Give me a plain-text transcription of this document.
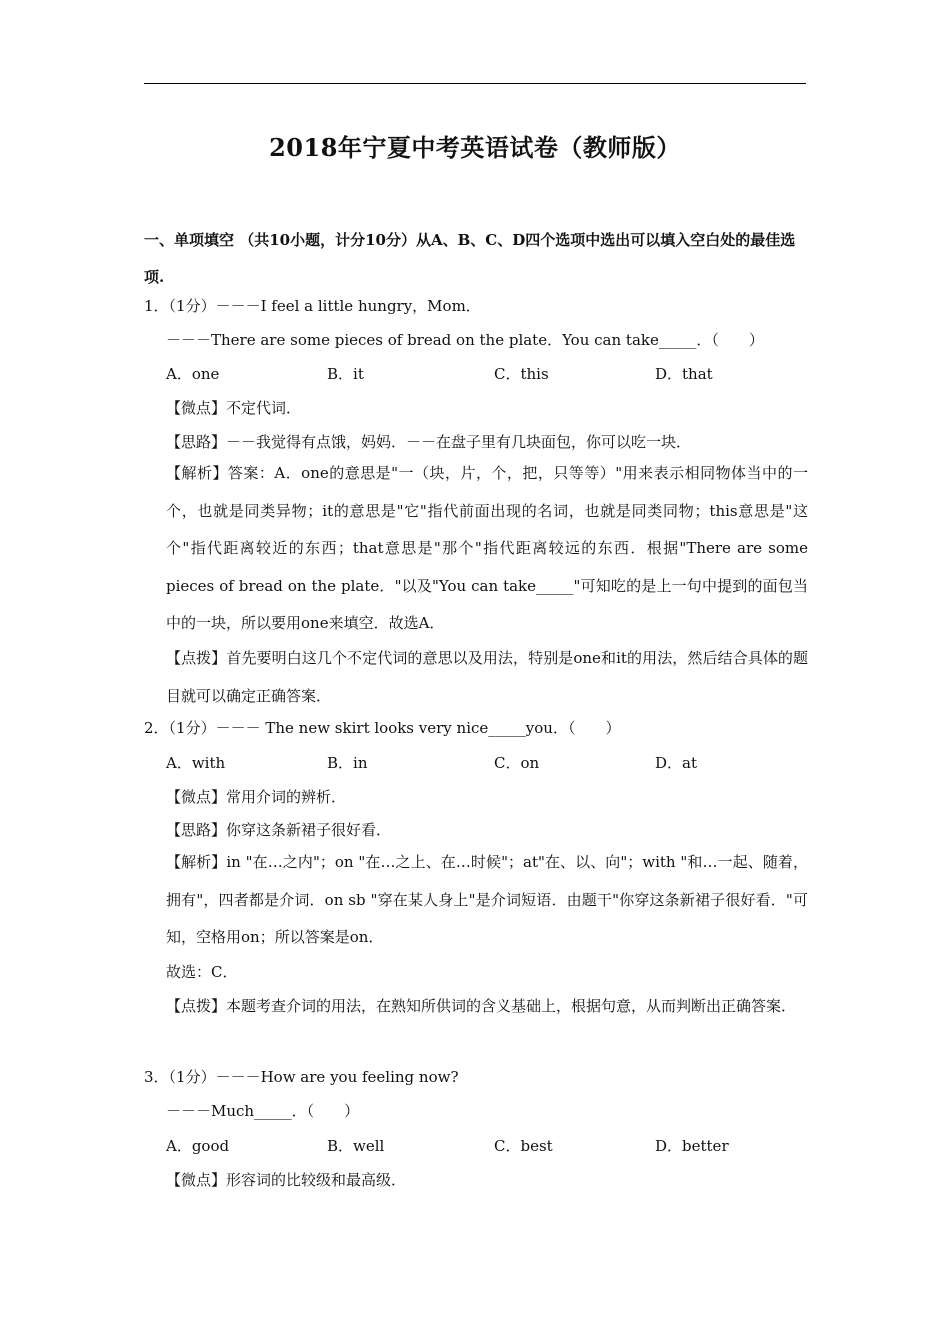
2018年宁夏中考英语试卷（教师版）
一、单项填空 （共10小题，计分10分）从A、B、C、D四个选项中选出可以填入空白处的最佳选项.
1．（1分）－－－I feel a little hungry，Mom．
－－－There are some pieces of bread on the plate．You can take_____．（　　）
A．one	B．it	C．this	D．that
【微点】不定代词．
【思路】－－我觉得有点饿，妈妈．－－在盘子里有几块面包，你可以吃一块．
【解析】答案：A．one的意思是"一（块，片，个，把，只等等）"用来表示相同物体当中的一个，也就是同类异物；it的意思是"它"指代前面出现的名词，也就是同类同物；this意思是"这个"指代距离较近的东西；that意思是"那个"指代距离较远的东西．根据"There are some pieces of bread on the plate．"以及"You can take_____"可知吃的是上一句中提到的面包当中的一块，所以要用one来填空．故选A．
【点拨】首先要明白这几个不定代词的意思以及用法，特别是one和it的用法，然后结合具体的题目就可以确定正确答案．
2．（1分）－－－ The new skirt looks very nice_____you．（　　）
A．with	B．in	C．on	D．at
【微点】常用介词的辨析．
【思路】你穿这条新裙子很好看．
【解析】in "在…之内"；on "在…之上、在…时候"；at"在、以、向"；with "和…一起、随着，拥有"，四者都是介词．on sb "穿在某人身上"是介词短语．由题干"你穿这条新裙子很好看．"可知，空格用on；所以答案是on．
故选：C．
【点拨】本题考查介词的用法，在熟知所供词的含义基础上，根据句意，从而判断出正确答案．
3．（1分）－－－How are you feeling now?
－－－Much_____．（　　）
A．good	B．well	C．best	D．better
【微点】形容词的比较级和最高级．
